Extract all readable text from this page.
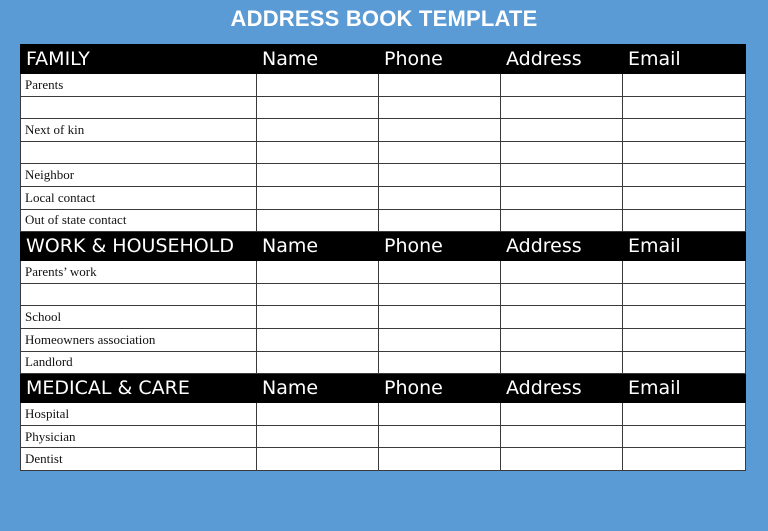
ADDRESS BOOK TEMPLATE
FAMILY	Name	Phone	Address	Email
Parents				

Next of kin				

Neighbor				
Local contact				
Out of state contact				
WORK & HOUSEHOLD	Name	Phone	Address	Email
Parents’ work				

School				
Homeowners association				
Landlord				
MEDICAL & CARE	Name	Phone	Address	Email
Hospital				
Physician				
Dentist				
